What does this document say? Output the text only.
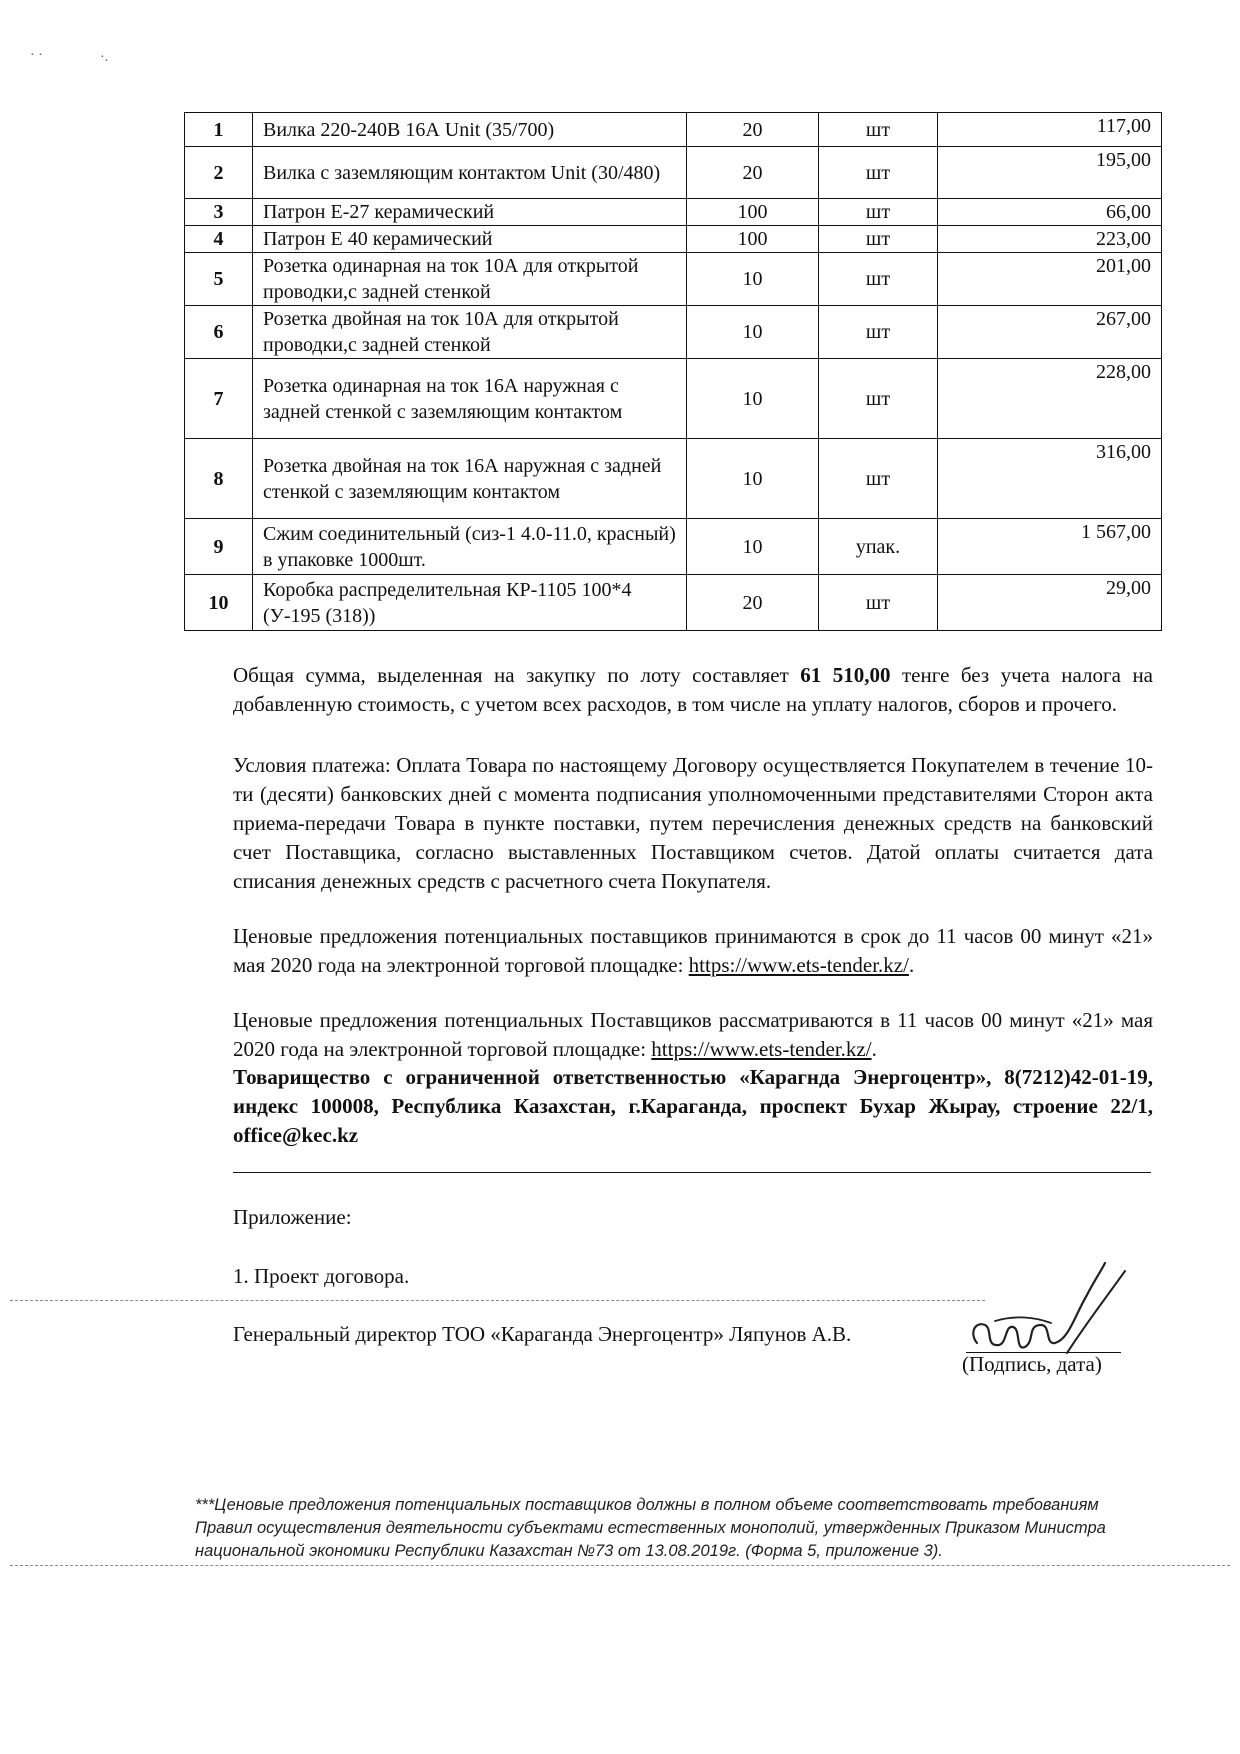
· ·	·.
1	Вилка 220-240В 16А Unit (35/700)	20	шт	117,00
2	Вилка с заземляющим контактом Unit (30/480)	20	шт	195,00
3	Патрон Е-27 керамический	100	шт	66,00
4	Патрон Е 40 керамический	100	шт	223,00
5	Розетка одинарная на ток 10А для открытой проводки,с задней стенкой	10	шт	201,00
6	Розетка двойная на ток 10А для открытой проводки,с задней стенкой	10	шт	267,00
7	Розетка одинарная на ток 16А наружная с задней стенкой с заземляющим контактом	10	шт	228,00
8	Розетка двойная на ток 16А наружная с задней стенкой с заземляющим контактом	10	шт	316,00
9	Сжим соединительный (сиз-1 4.0-11.0, красный) в упаковке 1000шт.	10	упак.	1 567,00
10	Коробка распределительная КР-1105 100*4 (У-195 (318))	20	шт	29,00
Общая сумма, выделенная на закупку по лоту составляет 61 510,00 тенге без учета налога на добавленную стоимость, с учетом всех расходов, в том числе на уплату налогов, сборов и прочего.
Условия платежа: Оплата Товара по настоящему Договору осуществляется Покупателем в течение 10-ти (десяти) банковских дней с момента подписания уполномоченными представителями Сторон акта приема-передачи Товара в пункте поставки, путем перечисления денежных средств на банковский счет Поставщика, согласно выставленных Поставщиком счетов. Датой оплаты считается дата списания денежных средств с расчетного счета Покупателя.
Ценовые предложения потенциальных поставщиков принимаются в срок до 11 часов 00 минут «21» мая 2020 года на электронной торговой площадке: https://www.ets-tender.kz/.
Ценовые предложения потенциальных Поставщиков рассматриваются в 11 часов 00 минут «21» мая 2020 года на электронной торговой площадке: https://www.ets-tender.kz/.
Товарищество с ограниченной ответственностью «Карагнда Энергоцентр», 8(7212)42-01-19, индекс 100008, Республика Казахстан, г.Караганда, проспект Бухар Жырау, строение 22/1, office@kec.kz
Приложение:
1. Проект договора.
Генеральный директор ТОО «Караганда Энергоцентр» Ляпунов А.В.
(Подпись, дата)
***Ценовые предложения потенциальных поставщиков должны в полном объеме соответствовать требованиям Правил осуществления деятельности субъектами естественных монополий, утвержденных Приказом Министра национальной экономики Республики Казахстан №73 от 13.08.2019г. (Форма 5, приложение 3).
